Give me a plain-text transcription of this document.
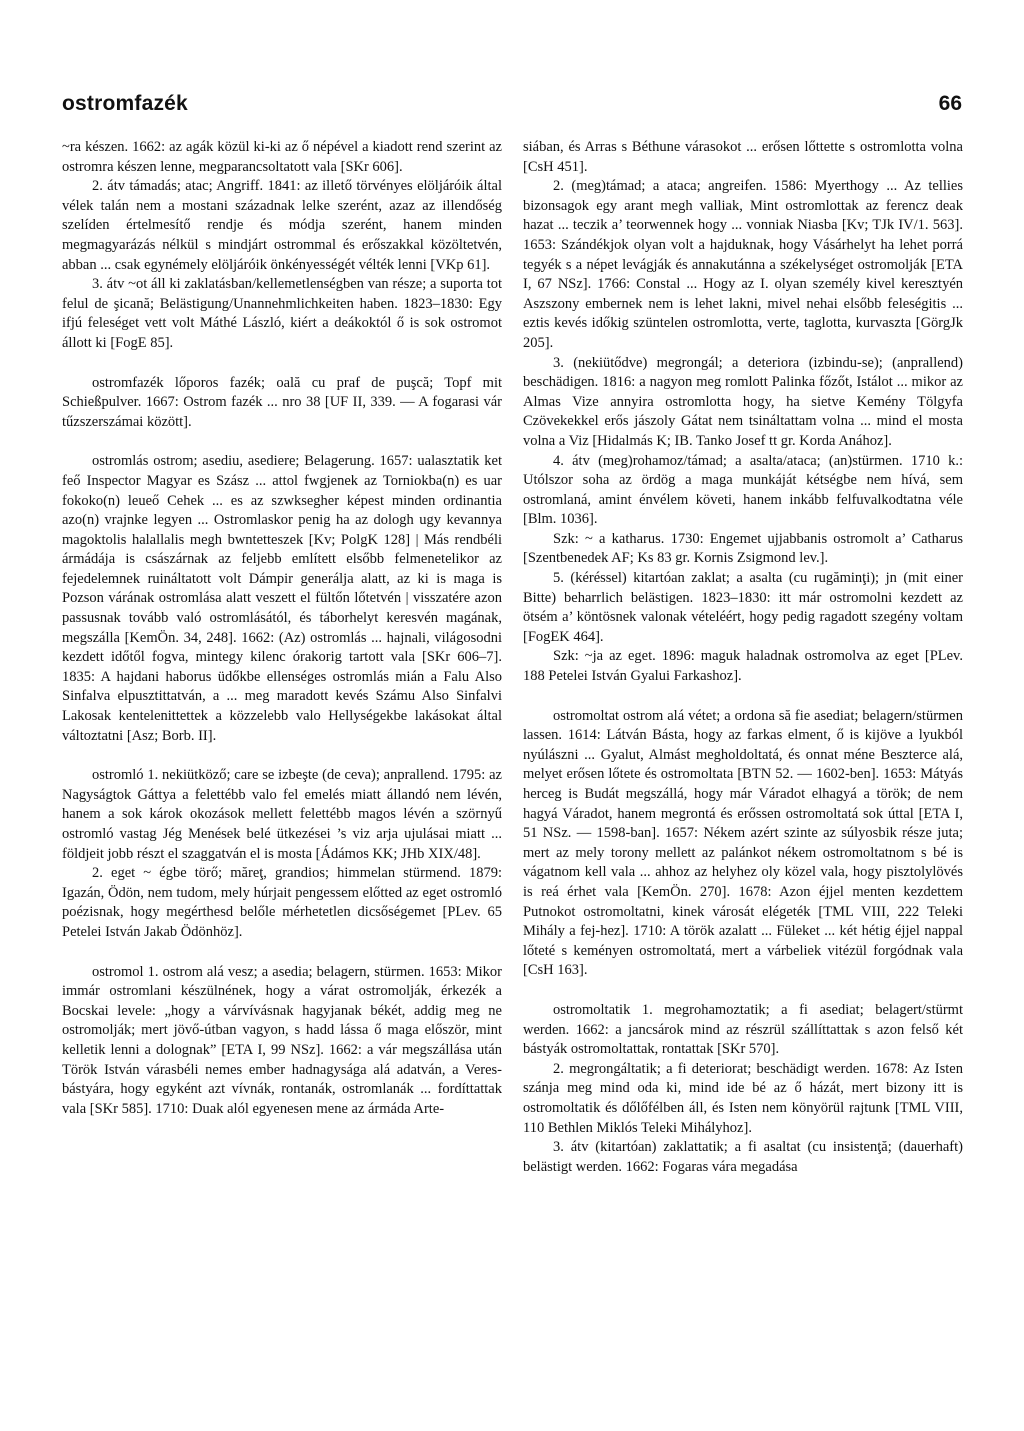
ostromfazék	66

~ra készen. 1662: az agák közül ki-ki az ő népével a kiadott rend szerint az ostromra készen lenne, megparancsoltatott vala [SKr 606].

2. átv támadás; atac; Angriff. 1841: az illető törvényes elöljáróik által vélek talán nem a mostani századnak lelke szerént, azaz az illendőség szelíden értelmesítő rendje és módja szerént, hanem minden megmagyarázás nélkül s mindjárt ostrommal és erőszakkal közöltetvén, abban ... csak egynémely elöljáróik önkényességét vélték lenni [VKp 61].

3. átv ~ot áll ki zaklatásban/kellemetlenségben van része; a suporta tot felul de şicană; Belästigung/Unannehmlichkeiten haben. 1823–1830: Egy ifjú feleséget vett volt Máthé László, kiért a deákoktól ő is sok ostromot állott ki [FogE 85].

ostromfazék lőporos fazék; oală cu praf de puşcă; Topf mit Schießpulver. 1667: Ostrom fazék ... nro 38 [UF II, 339. — A fogarasi vár tűzszerszámai között].

ostromlás ostrom; asediu, asediere; Belagerung. 1657: ualasztatik ket feő Inspector Magyar es Szász ... attol fwgjenek az Torniokba(n) es uar fokoko(n) leueő Cehek ... es az szwksegher képest minden ordinantia azo(n) vrajnke legyen ... Ostromlaskor penig ha az dologh ugy kevannya magoktolis halallalis megh bwntetteszek [Kv; PolgK 128] | Más rendbéli ármádája is császárnak az feljebb említett elsőbb felmenetelikor az fejedelemnek ruináltatott volt Dámpir generálja alatt, az ki is maga is Pozson várának ostromlása alatt veszett el fültőn lőtetvén | visszatére azon passusnak tovább való ostromlásától, és táborhelyt keresvén magának, megszálla [KemÖn. 34, 248]. 1662: (Az) ostromlás ... hajnali, világosodni kezdett időtől fogva, mintegy kilenc órakorig tartott vala [SKr 606–7]. 1835: A hajdani haborus üdőkbe ellenséges ostromlás mián a Falu Also Sinfalva elpusztittatván, a ... meg maradott kevés Számu Also Sinfalvi Lakosak kentelenittettek a közzelebb valo Hellységekbe lakásokat által változtatni [Asz; Borb. II].

ostromló 1. nekiütköző; care se izbeşte (de ceva); anprallend. 1795: az Nagyságtok Gáttya a felettébb valo fel emelés miatt állandó nem lévén, hanem a sok károk okozások mellett felettébb magos lévén a szörnyű ostromló vastag Jég Menések belé ütkezései ’s viz arja ujulásai miatt ... földjeit jobb részt el szaggatván el is mosta [Ádámos KK; JHb XIX/48].

2. eget ~ égbe törő; măreţ, grandios; himmelan stürmend. 1879: Igazán, Ödön, nem tudom, mely húrjait pengessem előtted az eget ostromló poézisnak, hogy megérthesd belőle mérhetetlen dicsőségemet [PLev. 65 Petelei István Jakab Ödönhöz].

ostromol 1. ostrom alá vesz; a asedia; belagern, stürmen. 1653: Mikor immár ostromlani készülnének, hogy a várat ostromolják, érkezék a Bocskai levele: „hogy a várvívásnak hagyjanak békét, addig meg ne ostromolják; mert jövő-útban vagyon, s hadd lássa ő maga először, mint kelletik lenni a dolognak” [ETA I, 99 NSz]. 1662: a vár megszállása után Török István várasbéli nemes ember hadnagysága alá adatván, a Veres-bástyára, hogy egyként azt vívnák, rontanák, ostromlanák ... fordíttattak vala [SKr 585]. 1710: Duak alól egyenesen mene az ármáda Arte-

siában, és Arras s Béthune várasokot ... erősen lőttette s ostromlotta volna [CsH 451].

2. (meg)támad; a ataca; angreifen. 1586: Myerthogy ... Az tellies bizonsagok egy arant megh valliak, Mint ostromlottak az ferencz deak hazat ... teczik a’ teorwennek hogy ... vonniak Niasba [Kv; TJk IV/1. 563]. 1653: Szándékjok olyan volt a hajduknak, hogy Vásárhelyt ha lehet porrá tegyék s a népet levágják és annakutánna a székelységet ostromolják [ETA I, 67 NSz]. 1766: Constal ... Hogy az I. olyan személy kivel keresztyén Aszszony embernek nem is lehet lakni, mivel nehai elsőbb feleségitis ... eztis kevés időkig szüntelen ostromlotta, verte, taglotta, kurvaszta [GörgJk 205].

3. (nekiütődve) megrongál; a deteriora (izbindu-se); (anprallend) beschädigen. 1816: a nagyon meg romlott Palinka főzőt, Istálot ... mikor az Almas Vize annyira ostromlotta hogy, ha sietve Kemény Tölgyfa Czövekekkel erős jászoly Gátat nem tsináltattam volna ... mind el mosta volna a Viz [Hidalmás K; IB. Tanko Josef tt gr. Korda Anához].

4. átv (meg)rohamoz/támad; a asalta/ataca; (an)stürmen. 1710 k.: Utólszor soha az ördög a maga munkáját kétségbe nem hívá, sem ostromlaná, amint énvélem követi, hanem inkább felfuvalkodtatna véle [Blm. 1036].

Szk: ~ a katharus. 1730: Engemet ujjabbanis ostromolt a’ Catharus [Szentbenedek AF; Ks 83 gr. Kornis Zsigmond lev.].

5. (kéréssel) kitartóan zaklat; a asalta (cu rugăminţi); jn (mit einer Bitte) beharrlich belästigen. 1823–1830: itt már ostromolni kezdett az ötsém a’ köntösnek valonak vételéért, hogy pedig ragadott szegény voltam [FogEK 464].

Szk: ~ja az eget. 1896: maguk haladnak ostromolva az eget [PLev. 188 Petelei István Gyalui Farkashoz].

ostromoltat ostrom alá vétet; a ordona să fie asediat; belagern/stürmen lassen. 1614: Látván Básta, hogy az farkas elment, ő is kijöve a lyukból nyúlászni ... Gyalut, Almást megholdoltatá, és onnat méne Beszterce alá, melyet erősen lőtete és ostromoltata [BTN 52. — 1602-ben]. 1653: Mátyás herceg is Budát megszállá, hogy már Váradot elhagyá a török; de nem hagyá Váradot, hanem megrontá és erőssen ostromoltatá sok úttal [ETA I, 51 NSz. — 1598-ban]. 1657: Nékem azért szinte az súlyosbik része juta; mert az mely torony mellett az palánkot nékem ostromoltatnom s bé is vágatnom kell vala ... ahhoz az helyhez oly közel vala, hogy pisztolylövés is reá érhet vala [KemÖn. 270]. 1678: Azon éjjel menten kezdettem Putnokot ostromoltatni, kinek városát elégeték [TML VIII, 222 Teleki Mihály a fej-hez]. 1710: A török azalatt ... Füleket ... két hétig éjjel nappal lőteté s keményen ostromoltatá, mert a várbeliek vitézül forgódnak vala [CsH 163].

ostromoltatik 1. megrohamoztatik; a fi asediat; belagert/stürmt werden. 1662: a jancsárok mind az részrül szállíttattak s azon felső két bástyák ostromoltattak, rontattak [SKr 570].

2. megrongáltatik; a fi deteriorat; beschädigt werden. 1678: Az Isten szánja meg mind oda ki, mind ide bé az ő házát, mert bizony itt is ostromoltatik és dőlőfélben áll, és Isten nem könyörül rajtunk [TML VIII, 110 Bethlen Miklós Teleki Mihályhoz].

3. átv (kitartóan) zaklattatik; a fi asaltat (cu insistenţă; (dauerhaft) belästigt werden. 1662: Fogaras vára megadása
